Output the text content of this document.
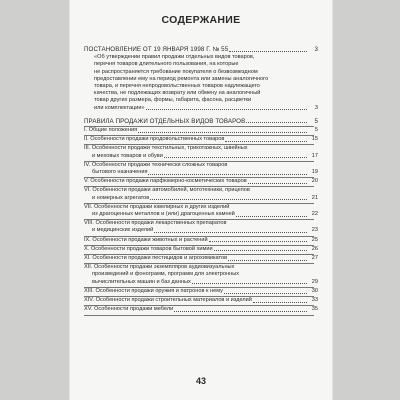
СОДЕРЖАНИЕ
ПОСТАНОВЛЕНИЕ ОТ 19 ЯНВАРЯ 1998 Г. № 55	3
«Об утверждении правил продажи отдельных видов товаров,
перечня товаров длительного пользования, на которые
не распространяется требование покупателя о безвозмездном
предоставлении ему на период ремонта или замены аналогичного
товара, и перечня непродовольственных товаров надлежащего
качества, не подлежащих возврату или обмену на аналогичный
товар других размера, формы, габарита, фасона, расцветки
или комплектации»	3
ПРАВИЛА ПРОДАЖИ ОТДЕЛЬНЫХ ВИДОВ ТОВАРОВ	5
I. Общие положения	5
II. Особенности продажи продовольственных товаров	15
III. Особенности продажи текстильных, трикотажных, швейных
и меховых товаров и обуви	17
IV. Особенности продажи технически сложных товаров
бытового назначения	19
V. Особенности продажи парфюмерно-косметических товаров	20
VI. Особенности продажи автомобилей, мототехники, прицепов
и номерных агрегатов	21
VII. Особенности продажи ювелирных и других изделий
из драгоценных металлов и (или) драгоценных камней	22
VIII. Особенности продажи лекарственных препаратов
и медицинских изделий	23
IX. Особенности продажи животных и растений	25
X. Особенности продажи товаров бытовой химии	26
XI. Особенности продажи пестицидов и агрохимикатов	27
XII. Особенности продажи экземпляров аудиовизуальных
произведений и фонограмм, программ для электронных
вычислительных машин и баз данных	29
XIII. Особенности продажи оружия и патронов к нему	30
XIV. Особенности продажи строительных материалов и изделий	33
XV. Особенности продажи мебели	35
43
